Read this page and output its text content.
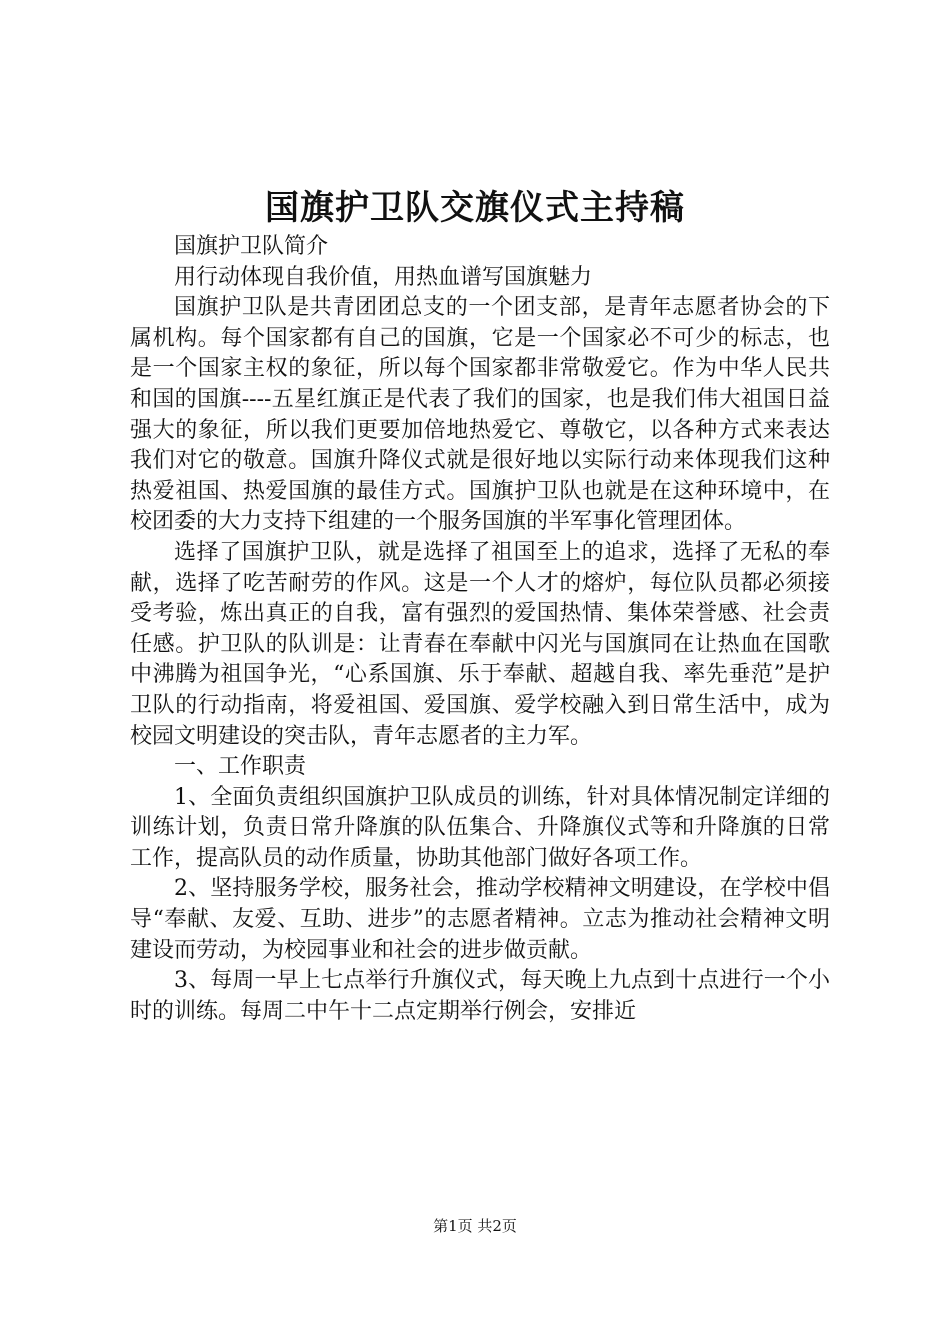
国旗护卫队交旗仪式主持稿

国旗护卫队简介

用行动体现自我价值，用热血谱写国旗魅力

国旗护卫队是共青团团总支的一个团支部，是青年志愿者协会的下属机构。每个国家都有自己的国旗，它是一个国家必不可少的标志，也是一个国家主权的象征，所以每个国家都非常敬爱它。作为中华人民共和国的国旗----五星红旗正是代表了我们的国家，也是我们伟大祖国日益强大的象征，所以我们更要加倍地热爱它、尊敬它，以各种方式来表达我们对它的敬意。国旗升降仪式就是很好地以实际行动来体现我们这种热爱祖国、热爱国旗的最佳方式。国旗护卫队也就是在这种环境中，在校团委的大力支持下组建的一个服务国旗的半军事化管理团体。

选择了国旗护卫队，就是选择了祖国至上的追求，选择了无私的奉献，选择了吃苦耐劳的作风。这是一个人才的熔炉，每位队员都必须接受考验，炼出真正的自我，富有强烈的爱国热情、集体荣誉感、社会责任感。护卫队的队训是：让青春在奉献中闪光与国旗同在让热血在国歌中沸腾为祖国争光，“心系国旗、乐于奉献、超越自我、率先垂范”是护卫队的行动指南，将爱祖国、爱国旗、爱学校融入到日常生活中，成为校园文明建设的突击队，青年志愿者的主力军。

一、工作职责

1、全面负责组织国旗护卫队成员的训练，针对具体情况制定详细的训练计划，负责日常升降旗的队伍集合、升降旗仪式等和升降旗的日常工作，提高队员的动作质量，协助其他部门做好各项工作。

2、坚持服务学校，服务社会，推动学校精神文明建设，在学校中倡导“奉献、友爱、互助、进步”的志愿者精神。立志为推动社会精神文明建设而劳动，为校园事业和社会的进步做贡献。

3、每周一早上七点举行升旗仪式，每天晚上九点到十点进行一个小时的训练。每周二中午十二点定期举行例会，安排近

第1页 共2页
